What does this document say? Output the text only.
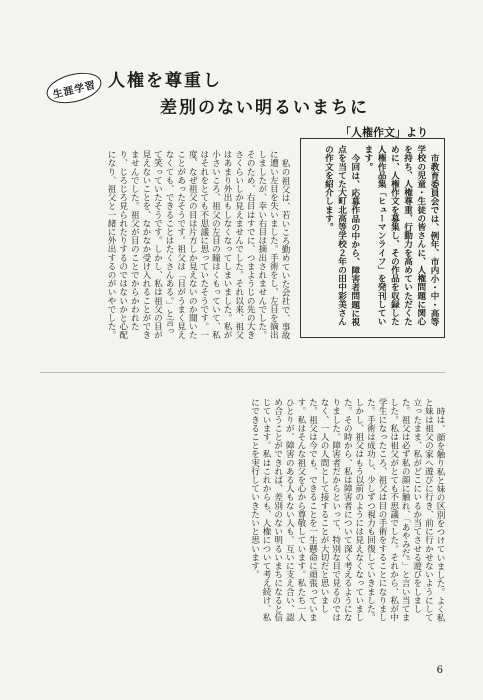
生涯学習 人権を尊重し
差別のない明るいまちに
「人権作文」より

市教育委員会では、例年、市内小・中・高等学校の児童・生徒の皆さんに、人権問題に関心を持ち、人権尊重、行動力を高めていただくために、人権作文を募集し、その作品を収録した人権作品集「ヒューマンライフ」を発刊しています。

今回は、応募作品の中から、障害者問題に視点を当てた大町北高等学校２年の田中彩美さんの作文を紹介します。

私の祖父は、若いころ勤めていた会社で、事故に遭い左目を失いました。手術をし、左目を摘出しましたが、幸い右目は摘出されませんでした。そのため、右目はすでに、つまようじの先の大きさくらいしか見えませんでした。それ以来、祖父はあまり外出もしなくなってしまいました。私が小さいころ、祖父の左目の瞳はくもっていて、私はそれをとても不思議に思っていたそうです。一度、なぜ祖父の目は片方しか見えないのか聞いたことがあったそうです。祖父は「目がうまく見えなくても、できることはたくさんある。」と言って笑っていたそうです。しかし、私は祖父の目が見えないことを、なかなか受け入れることができませんでした。祖父が目のことでからかわれたり、じろじろ見られたりするのではないかと心配になり、祖父と一緒に外出するのがいやでした。

時は、顔を触り私と妹の区別をつけていました。よく私と妹は祖父の家へ遊びに行き、前に行かせないようにして立ったまま、私がどこにいるか当てさせる遊びをしました。祖父は必ず私の顔に触れ、「あやみだ。」と言い当てました。私は祖父がとても不思議でした。それから、私が中学生になったころ、祖父は目の手術をすることになりました。手術は成功し、少しずつ視力も回復していきました。しかし、祖父はもう以前のようには見えなくなっていました。その時から、私は障害者について深く考えるようになりました。障害者だからといって、特別な目で見るのではなく、一人の人間として接することが大切だと思いました。祖父は今でも、できることを一生懸命に頑張っています。私はそんな祖父を心から尊敬しています。私たち一人ひとりが、障害のある人もない人も、互いに支え合い、認め合うことができれば、差別のない明るいまちになると信じています。私はこれからも、人権について考え続け、私にできることを実行していきたいと思います。

6
